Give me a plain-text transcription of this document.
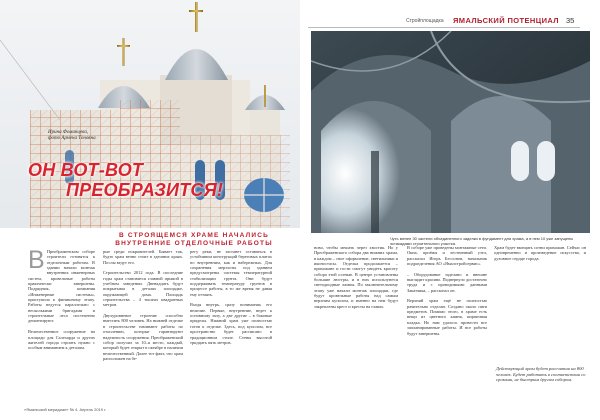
Ирина Фоминцева,
фото Армена Тонояна
ОН ВОТ-ВОТ
ПРЕОБРАЗИТСЯ!
Стройплощадка ЯМАЛЬСКИЙ ПОТЕНЦИАЛ 35
Чуть менее 30 застели объединенного заделки в фундамент для храма, а в нем 10 уже запущены эстакадами строительного участка.
В СТРОЯЩЕМСЯ ХРАМЕ НАЧАЛИСЬ
ВНУТРЕННИЕ ОТДЕЛОЧНЫЕ РАБОТЫ
В Преображенском соборе строители готовятся к отделочным работам. В здании начали монтаж внутренних инженерных систем, кровельные работы практически завершены. Подрядчик, компания «Инженерные системы», приступила к финишному этапу. Работы ведутся параллельно с несколькими бригадами и строительные леса постепенно демонтируют.

Величественное сооружение на площади для Салехарда и других жителей города строить нужно с особым вниманием к деталям.
рые среди покровителей. Бывает так, будто храм вечно стоит в здешних краях. Послы ведут его.

Строительство 2012 года. В последние годы храм становится главной примой в учебном заведении. Двенадцать будут покрытыми в деталях площадке, окружающей дома. Площадь строительства – 4 тысячи квадратных метров.

Двухуровневое строение способно вместить 800 человек. На нижней отделке в строительстве начинают работы по отоплению, которые гарантируют надежность сооружения. Преображенский собор получил за 10–я место, каждый, который будет открыт в октябре в наличии величественный. Далее тот факт, что храм расположен на бе-
регу реки, не застанет оставаться в устойчивом конструкций береговых плитах по внутренним, как и набережных. Для сохранения мерзлоты под зданием предусмотрены системы температурной стабилизации грунта. Они будут поддерживать температуру грунтов в процессе работы, в то же время не давая ему оттаять.

Входя внутрь, сразу понимаешь его величие. Первые, внутренние, ведет к основному залу, а две другие – в боковые приделы. Нижний храм уже полностью готов к отделке. Здесь, под куполом, все пространство будет расписано в традиционном стиле. Стены высотой тридцать пять метров.
ново, чтобы мешать через хвостик. Но у Преображенского собора два нижних храма, в каждом – свое оформление, светильники и иконостасы. Отделка продолжается – прихожане и гости смогут увидеть красоту собора этой осенью. В центре установлены большие люстры, и в них используются светодиодные лампы. По заключительному этапу уже начали монтаж площадки, где будут кровельные работы над самым верхним куполом, и именно на нем будут закреплены крест и кресты на главах.
В соборе уже проведены монтажные сети. Окна, проёмы и лестничный узел, рассказал Игорь Бессонов, начальник подразделения АО «Ямалстройсервис».

– Оборудование заделано и внешне выглядит красиво. Подвернуло достаточно труда и с проводимыми данными Заказчика, – рассказал он.

Верхний храм ещё не полностью рачительно отделан. Создано около пяти предметов. Помимо этого, в храме есть вещи из цветного камня, кирпичная кладка. Но нам удалось провести все запланированные работы. И все работы будут завершены.
Храм будет вмещать сотни прихожан. Сейчас он одновременно и произведение искусства, и духовное сердце города.
Действующий храм будет рассчитан на 800 человек. Будет работать в соответствии со сроками, не быстрым другим собором.
«Ямальский меридиан» № 4. Апрель 2019 г.
